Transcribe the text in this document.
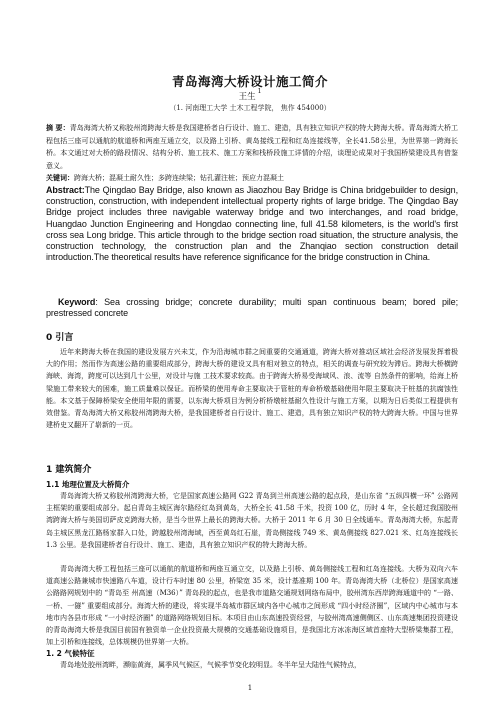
青岛海湾大桥设计施工简介
王生$^1$
（1. 河南理工大学 土木工程学院， 焦作 454000）
摘 要：青岛海湾大桥又称胶州湾跨海大桥是我国建桥者自行设计、施工、建造，具有独立知识产权的特大跨海大桥。青岛海湾大桥工程包括三座可以通航的航道桥和两座互通立交，以及路上引桥、黄岛接线工程和红岛连接线等，全长41.58公里，为世界第一跨海长桥。本文通过对大桥的路段情况、结构分析、施工技术、施工方案和栈桥段施工详情的介绍，谈理论成果对于我国桥梁建设具有借鉴意义。
关键词：跨海大桥；混凝土耐久性；多跨连续梁；钻孔灌注桩；预应力混凝土
Abstract:The Qingdao Bay Bridge, also known as Jiaozhou Bay Bridge is China bridgebuilder to design, construction, construction, with independent intellectual property rights of large bridge. The Qingdao Bay Bridge project includes three navigable waterway bridge and two interchanges, and road bridge, Huangdao Junction Engineering and Hongdao connecting line, full 41.58 kilometers, is the world's first cross sea Long bridge. This article through to the bridge section road situation, the structure analysis, the construction technology, the construction plan and the Zhanqiao section construction detail introduction.The theoretical results have reference significance for the bridge construction in China.
Keyword: Sea crossing bridge; concrete durability; multi span continuous beam; bored pile; prestressed concrete
0 引言
近年来跨海大桥在我国的建设发展方兴未艾，作为沿海城市群之间重要的交通通道，跨海大桥对推动区域社会经济发展发挥着极大的作用；然而作为高速公路的重要组成部分，跨海大桥的建设又具有相对独立的特点，相关的调查与研究较为滞后。跨海大桥横跨海峡、海湾，跨度可以达到几十公里，对设计与施 工技术要求较高。由于跨海大桥易受海域风、浪、流等 自然条件的影响，给海上桥梁施工带来较大的困难，施工质量难以保证。而桥梁的使用寿命主要取决于管桩的寿命桥墩基础使用年限主要取决于桩基的抗腐蚀性能。本文基于保障桥梁安全使用年限的需要，以东海大桥项目为例分析桥墩桩基耐久性设计与施工方案，以期为日后类似工程提供有效借鉴。青岛海湾大桥又称胶州湾跨海大桥，是我国建桥者自行设计、施工、建造，具有独立知识产权的特大跨海大桥。中国与世界建桥史又翻开了崭新的一页。
1 建筑简介
1.1 地理位置及大桥简介
青岛海湾大桥又称胶州湾跨海大桥，它是国家高速公路网 G22 青岛到兰州高速公路的起点段，是山东省 “五纵四横一环” 公路网主框架的重要组成部分。起自青岛主城区海尔路经红岛到黄岛，大桥全长 41.58 千米，投资 100 亿，历时 4 年，全长超过我国胶州湾跨海大桥与美国切萨皮克跨海大桥，是当今世界上最长的跨海大桥。大桥于 2011 年 6 月 30 日全线通车。青岛海湾大桥，东起青岛主城区黑龙江路杨家群入口处，跨越胶州湾海域，西至黄岛红石崖，青岛侧接线 749 米、黄岛侧接线 827.021 米、红岛连接线长 1.3 公里。是我国建桥者自行设计、施工、建造，具有独立知识产权的特大跨海大桥。
青岛海湾大桥工程包括三座可以通航的航道桥和两座互通立交，以及路上引桥、黄岛侧接线工程和红岛连接线。大桥为双向六车道高速公路兼城市快速路八车道，设计行车时速 80 公里，桥梁宽 35 米，设计基准期 100 年。青岛海湾大桥（北桥位）是国家高速公路路网规划中的 “青岛至 州高速（M36）” 青岛段的起点，也是我市道路交通规划网络布局中，胶州湾东西岸跨海通道中的 “一路、一桥、一隧” 重要组成部分。海湾大桥的建设，将实现半岛城市群区域内各中心城市之间形成 “四小时经济圈”，区域内中心城市与本地市内各县市形成 “一小时经济圈” 的道路网络规划目标。本项目由山东高速投资经营，与胶州湾高速侧侧区、山东高速集团投资建设的青岛海湾大桥是我国目前国有独资单一企业投资最大规模的交通基础设施项目，是我国北方冰冻海区域首座特大型桥梁集群工程，加上引桥和连接线，总体规模仍世界第一大桥。
1. 2 气候特征
青岛地处胶州湾畔，濒临黄海，属季风气候区，气候季节变化较明显。冬半年呈大陆性气候特点，
1
